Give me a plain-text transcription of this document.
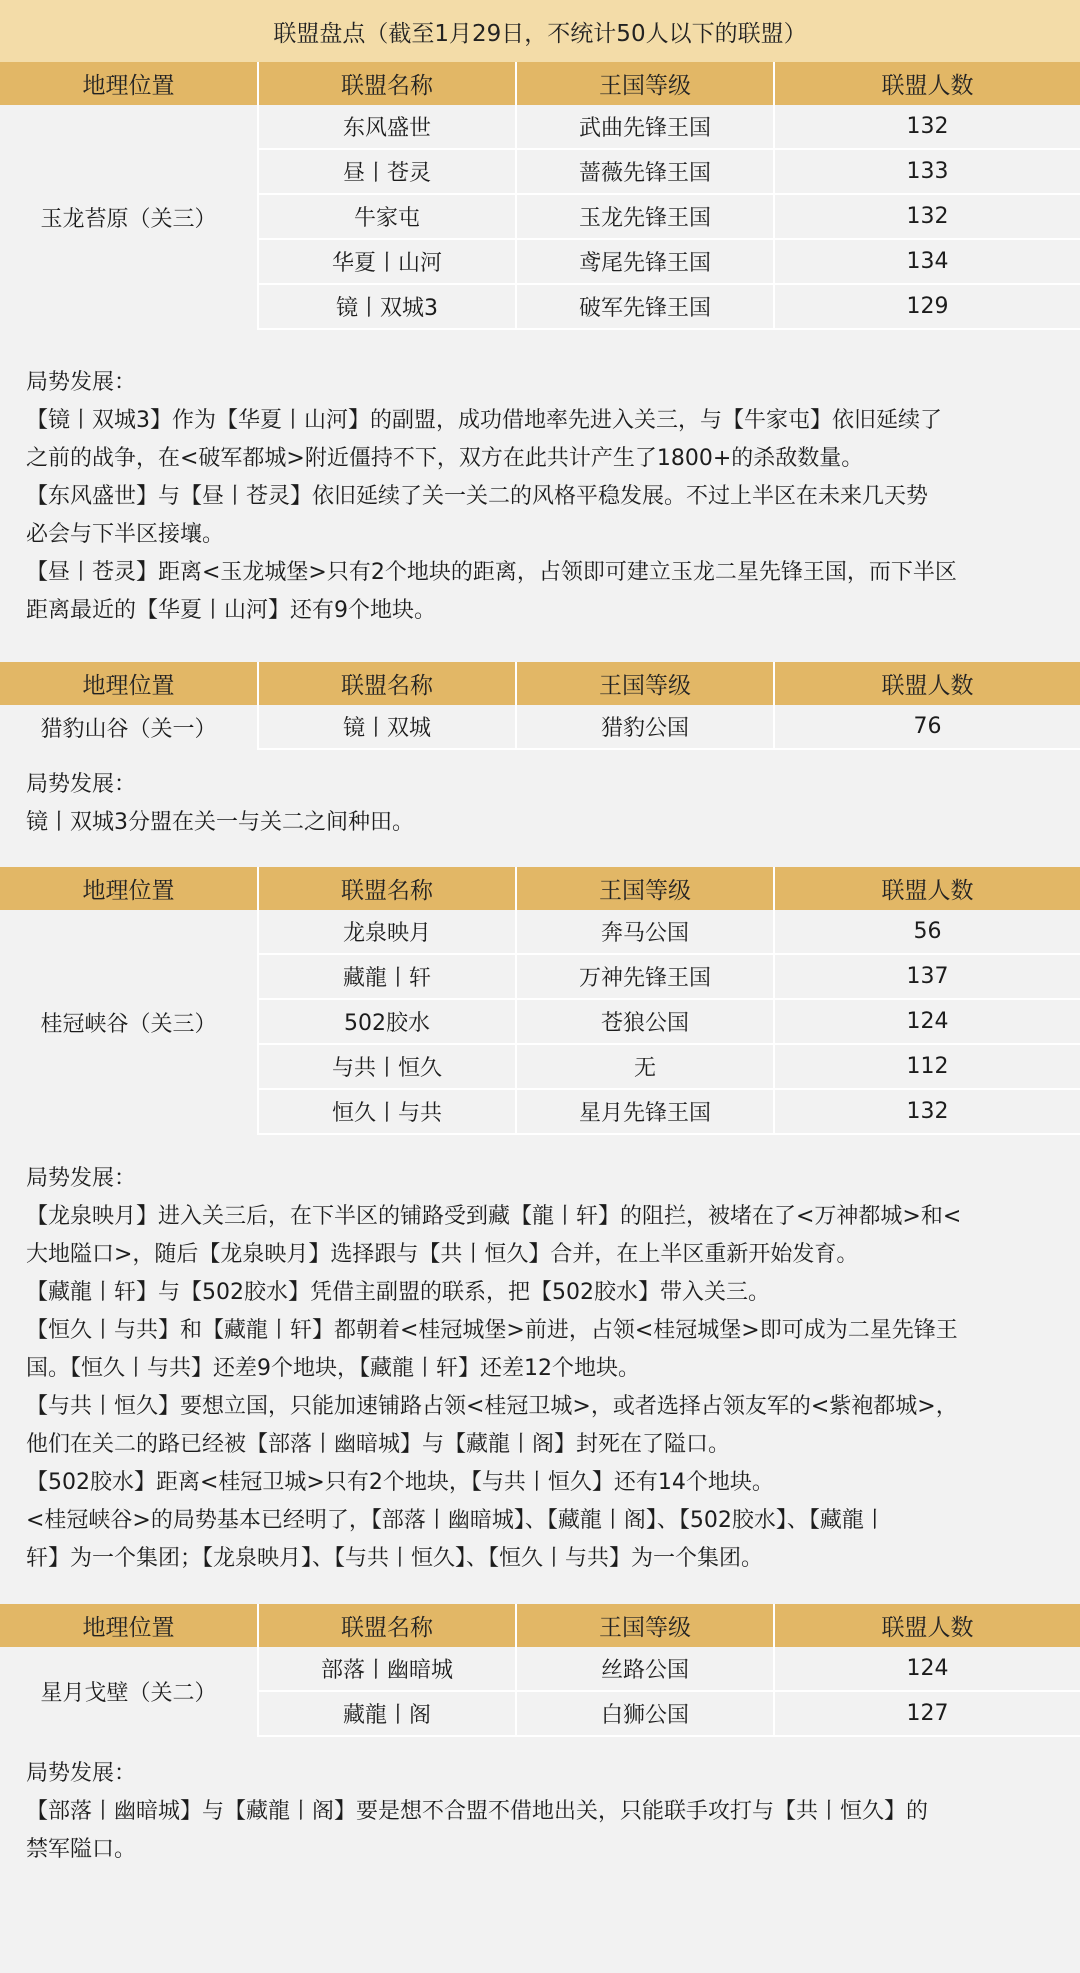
联盟盘点（截至1月29日，不统计50人以下的联盟）
地理位置	联盟名称	王国等级	联盟人数
玉龙苔原（关三）	东风盛世	武曲先锋王国	132
	昼丨苍灵	蔷薇先锋王国	133
	牛家屯	玉龙先锋王国	132
	华夏丨山河	鸢尾先锋王国	134
	镜丨双城3	破军先锋王国	129

局势发展：

【镜丨双城3】作为【华夏丨山河】的副盟，成功借地率先进入关三，与【牛家屯】依旧延续了

之前的战争，在<破军都城>附近僵持不下，双方在此共计产生了1800+的杀敌数量。

【东风盛世】与【昼丨苍灵】依旧延续了关一关二的风格平稳发展。不过上半区在未来几天势

必会与下半区接壤。

【昼丨苍灵】距离<玉龙城堡>只有2个地块的距离，占领即可建立玉龙二星先锋王国，而下半区

距离最近的【华夏丨山河】还有9个地块。

地理位置	联盟名称	王国等级	联盟人数
猎豹山谷（关一）	镜丨双城	猎豹公国	76

局势发展：

镜丨双城3分盟在关一与关二之间种田。

地理位置	联盟名称	王国等级	联盟人数
桂冠峡谷（关三）	龙泉映月	奔马公国	56
	藏龍丨轩	万神先锋王国	137
	502胶水	苍狼公国	124
	与共丨恒久	无	112
	恒久丨与共	星月先锋王国	132

局势发展：

【龙泉映月】进入关三后，在下半区的铺路受到藏【龍丨轩】的阻拦，被堵在了<万神都城>和<

大地隘口>，随后【龙泉映月】选择跟与【共丨恒久】合并，在上半区重新开始发育。

【藏龍丨轩】与【502胶水】凭借主副盟的联系，把【502胶水】带入关三。

【恒久丨与共】和【藏龍丨轩】都朝着<桂冠城堡>前进，占领<桂冠城堡>即可成为二星先锋王

国。【恒久丨与共】还差9个地块，【藏龍丨轩】还差12个地块。

【与共丨恒久】要想立国，只能加速铺路占领<桂冠卫城>，或者选择占领友军的<紫袍都城>，

他们在关二的路已经被【部落丨幽暗城】与【藏龍丨阁】封死在了隘口。

【502胶水】距离<桂冠卫城>只有2个地块，【与共丨恒久】还有14个地块。

<桂冠峡谷>的局势基本已经明了，【部落丨幽暗城】、【藏龍丨阁】、【502胶水】、【藏龍丨

轩】为一个集团；【龙泉映月】、【与共丨恒久】、【恒久丨与共】为一个集团。

地理位置	联盟名称	王国等级	联盟人数
星月戈壁（关二）	部落丨幽暗城	丝路公国	124
	藏龍丨阁	白狮公国	127

局势发展：

【部落丨幽暗城】与【藏龍丨阁】要是想不合盟不借地出关，只能联手攻打与【共丨恒久】的

禁军隘口。
